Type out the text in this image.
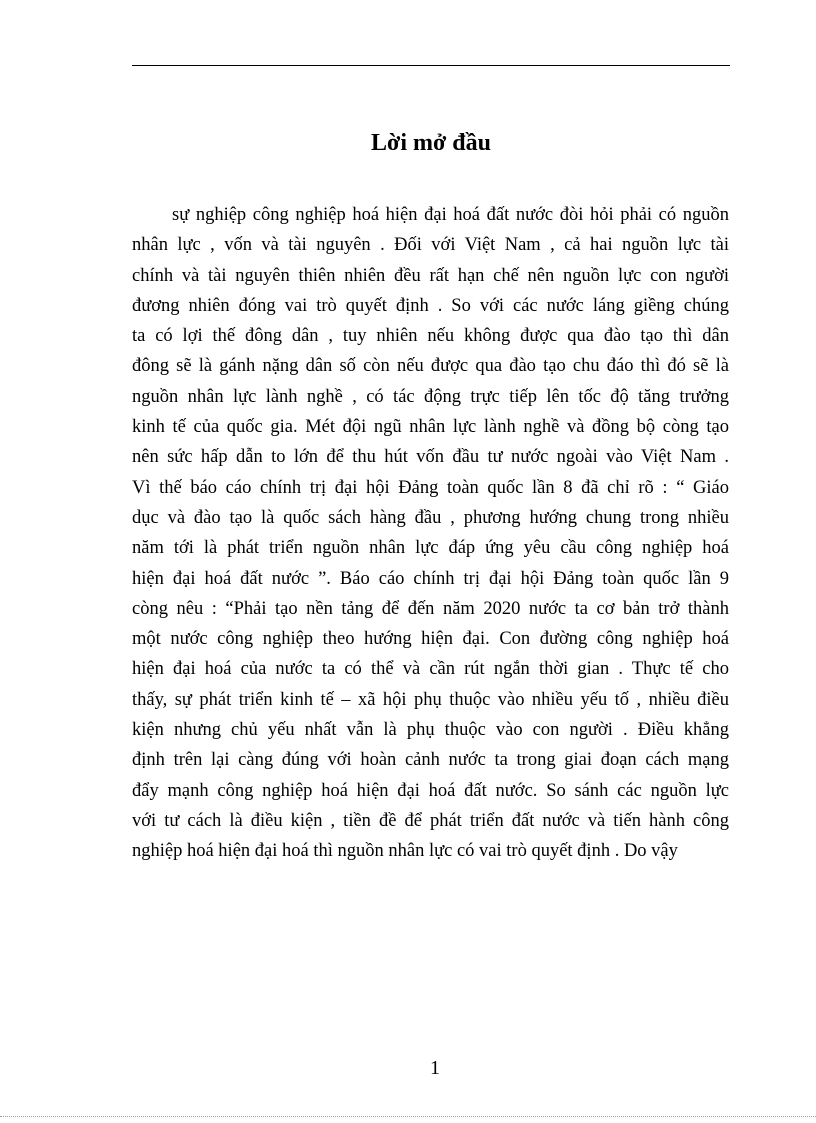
Lời mở đầu
sự nghiệp công nghiệp hoá hiện đại hoá đất nước đòi hỏi phải có nguồn
nhân lực , vốn và tài nguyên . Đối với Việt Nam , cả hai nguồn lực tài
chính và tài nguyên thiên nhiên đều rất hạn chế nên nguồn lực con người
đương nhiên đóng vai trò quyết định . So với các nước láng giềng chúng
ta có lợi thế đông dân , tuy nhiên nếu không được qua đào tạo thì dân
đông sẽ là gánh nặng dân số còn nếu được qua đào tạo chu đáo thì đó sẽ là
nguồn nhân lực lành nghề , có tác động trực tiếp lên tốc độ tăng trưởng
kinh tế của quốc gia. Mét đội ngũ nhân lực lành nghề và đồng bộ còng tạo
nên sức hấp dẫn to lớn để thu hút vốn đầu tư nước ngoài vào Việt Nam .
Vì thế báo cáo chính trị đại hội Đảng toàn quốc lần 8 đã chỉ rõ : “ Giáo
dục và đào tạo là quốc sách hàng đầu , phương hướng chung trong nhiều
năm tới là phát triển nguồn nhân lực đáp ứng yêu cầu công nghiệp hoá
hiện đại hoá đất nước ”. Báo cáo chính trị đại hội Đảng toàn quốc lần 9
còng nêu : “Phải tạo nền tảng để đến năm 2020 nước ta cơ bản trở thành
một nước công nghiệp theo hướng hiện đại. Con đường công nghiệp hoá
hiện đại hoá của nước ta có thể và cần rút ngắn thời gian . Thực tế cho
thấy, sự phát triển kinh tế – xã hội phụ thuộc vào nhiều yếu tố , nhiều điều
kiện nhưng chủ yếu nhất vẫn là phụ thuộc vào con người . Điều khẳng
định trên lại càng đúng với hoàn cảnh nước ta trong giai đoạn cách mạng
đẩy mạnh công nghiệp hoá hiện đại hoá đất nước. So sánh các nguồn lực
với tư cách là điều kiện , tiền đề để phát triển đất nước và tiến hành công
nghiệp hoá hiện đại hoá thì nguồn nhân lực có vai trò quyết định . Do vậy
1
